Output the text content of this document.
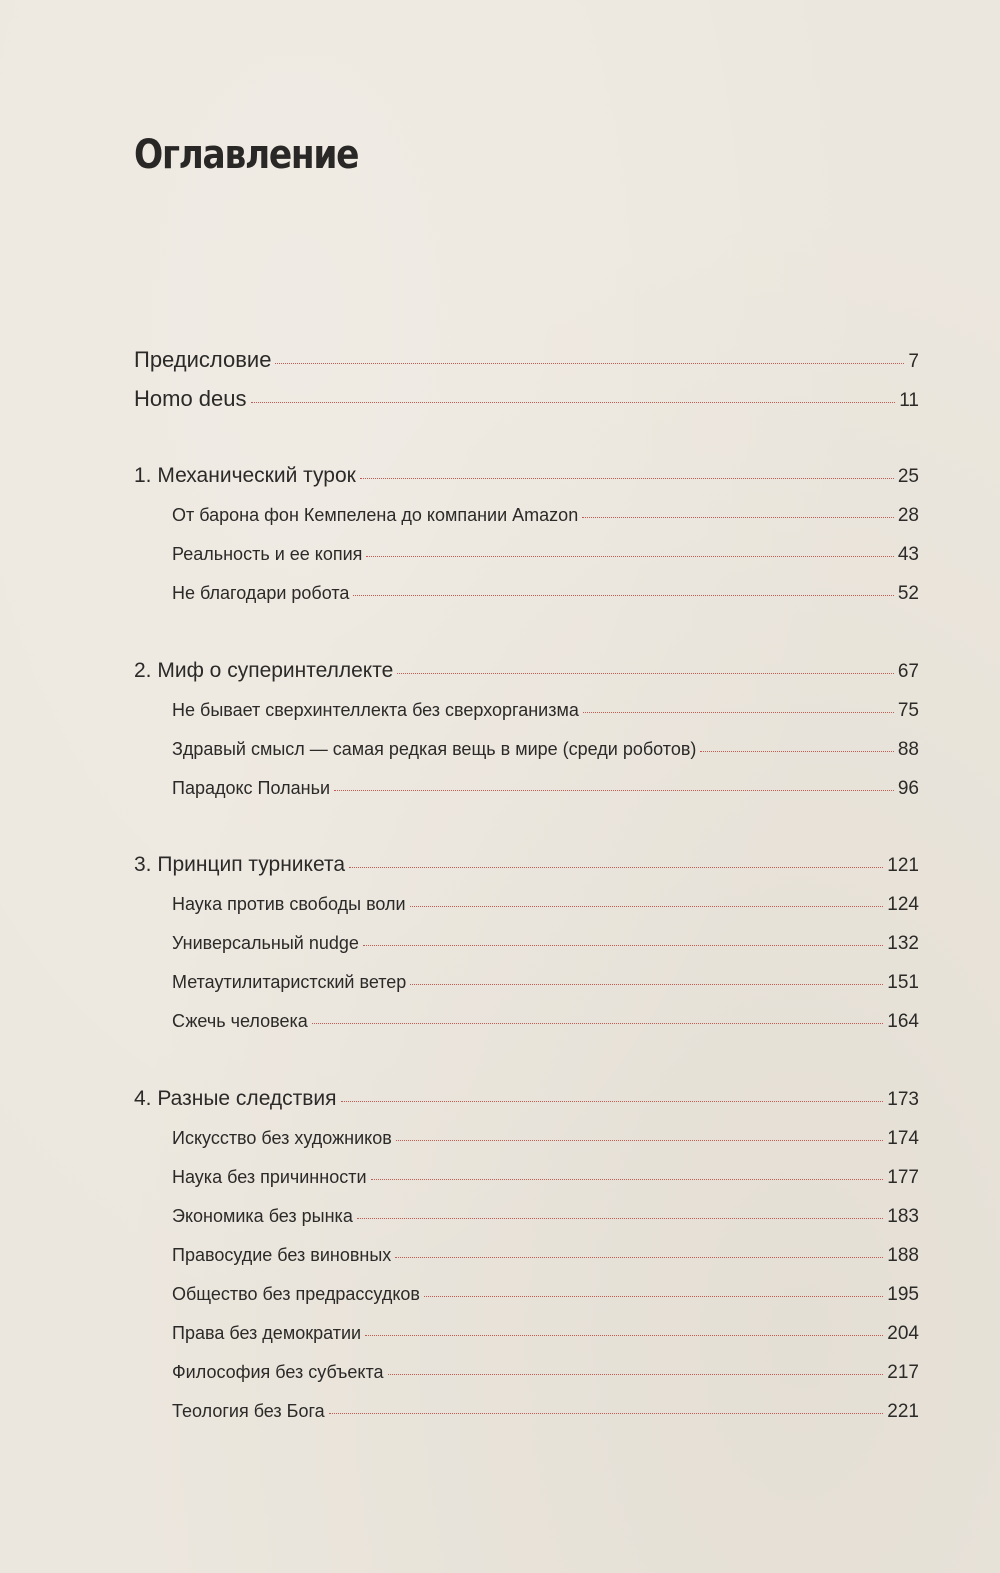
Оглавление
Предисловие	7
Homo deus	11
1. Механический турок	25
От барона фон Кемпелена до компании Amazon	28
Реальность и ее копия	43
Не благодари робота	52
2. Миф о суперинтеллекте	67
Не бывает сверхинтеллекта без сверхорганизма	75
Здравый смысл — самая редкая вещь в мире (среди роботов)	88
Парадокс Поланьи	96
3. Принцип турникета	121
Наука против свободы воли	124
Универсальный nudge	132
Метаутилитаристский ветер	151
Сжечь человека	164
4. Разные следствия	173
Искусство без художников	174
Наука без причинности	177
Экономика без рынка	183
Правосудие без виновных	188
Общество без предрассудков	195
Права без демократии	204
Философия без субъекта	217
Теология без Бога	221
